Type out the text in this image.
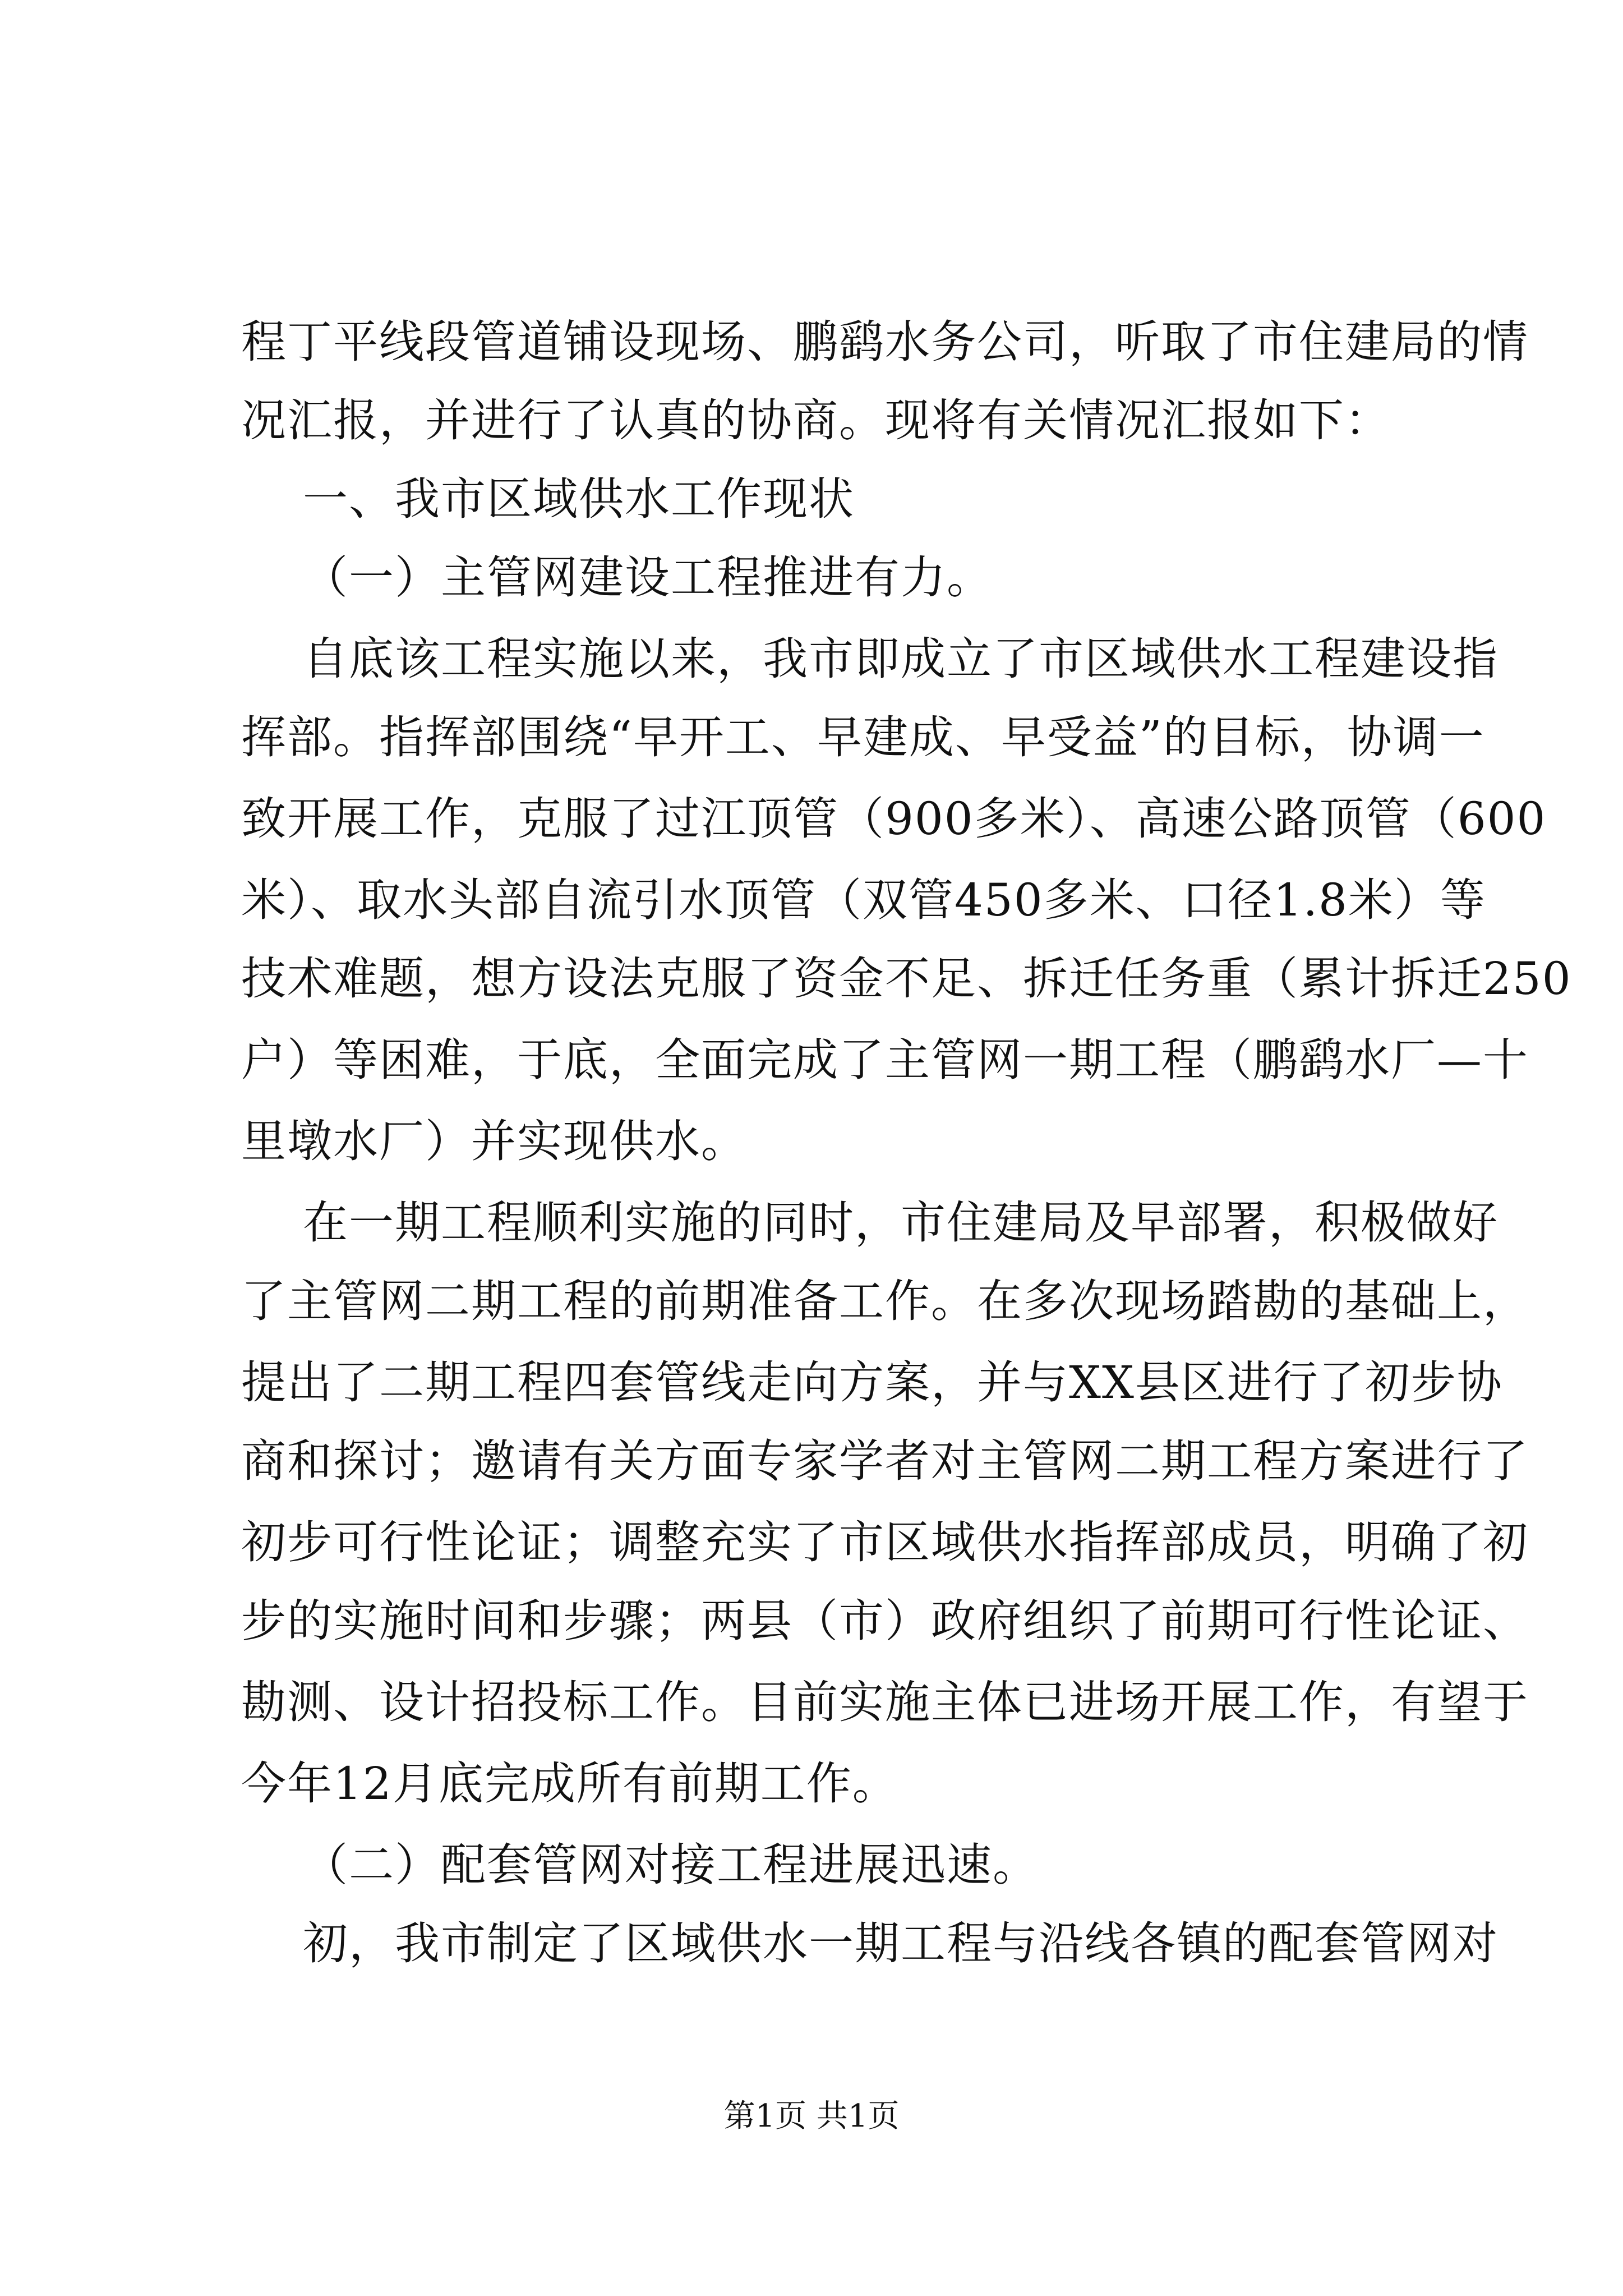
程丁平线段管道铺设现场、鹏鹞水务公司，听取了市住建局的情
况汇报，并进行了认真的协商。现将有关情况汇报如下：
一、我市区域供水工作现状
（一）主管网建设工程推进有力。
自底该工程实施以来，我市即成立了市区域供水工程建设指
挥部。指挥部围绕“早开工、早建成、早受益”的目标，协调一
致开展工作，克服了过江顶管（900多米）、高速公路顶管（600
米）、取水头部自流引水顶管（双管450多米、口径1.8米）等
技术难题，想方设法克服了资金不足、拆迁任务重（累计拆迁250
户）等困难，于底，全面完成了主管网一期工程（鹏鹞水厂—十
里墩水厂）并实现供水。
在一期工程顺利实施的同时，市住建局及早部署，积极做好
了主管网二期工程的前期准备工作。在多次现场踏勘的基础上，
提出了二期工程四套管线走向方案，并与XX县区进行了初步协
商和探讨；邀请有关方面专家学者对主管网二期工程方案进行了
初步可行性论证；调整充实了市区域供水指挥部成员，明确了初
步的实施时间和步骤；两县（市）政府组织了前期可行性论证、
勘测、设计招投标工作。目前实施主体已进场开展工作，有望于
今年12月底完成所有前期工作。
（二）配套管网对接工程进展迅速。
初，我市制定了区域供水一期工程与沿线各镇的配套管网对
第1页 共1页
